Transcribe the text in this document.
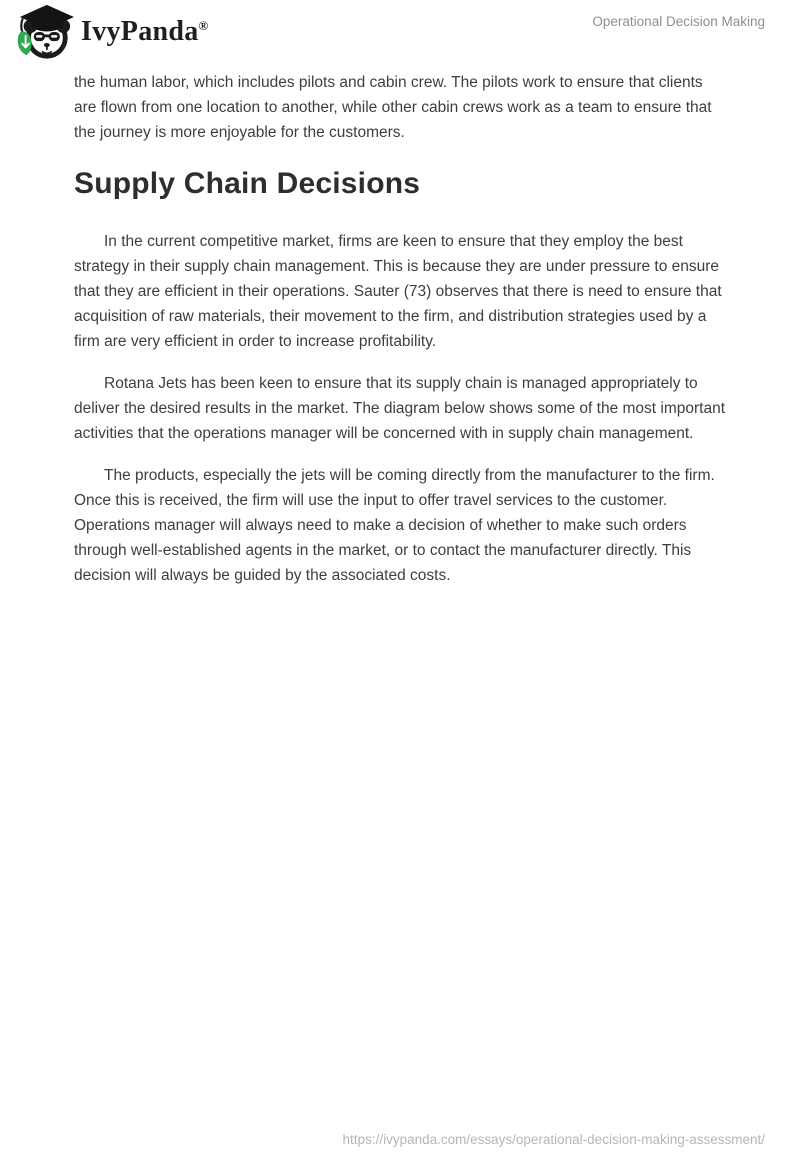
IvyPanda®	Operational Decision Making

the human labor, which includes pilots and cabin crew. The pilots work to ensure that clients are flown from one location to another, while other cabin crews work as a team to ensure that the journey is more enjoyable for the customers.

Supply Chain Decisions

In the current competitive market, firms are keen to ensure that they employ the best strategy in their supply chain management. This is because they are under pressure to ensure that they are efficient in their operations. Sauter (73) observes that there is need to ensure that acquisition of raw materials, their movement to the firm, and distribution strategies used by a firm are very efficient in order to increase profitability.

Rotana Jets has been keen to ensure that its supply chain is managed appropriately to deliver the desired results in the market. The diagram below shows some of the most important activities that the operations manager will be concerned with in supply chain management.

The products, especially the jets will be coming directly from the manufacturer to the firm. Once this is received, the firm will use the input to offer travel services to the customer. Operations manager will always need to make a decision of whether to make such orders through well-established agents in the market, or to contact the manufacturer directly. This decision will always be guided by the associated costs.

https://ivypanda.com/essays/operational-decision-making-assessment/
